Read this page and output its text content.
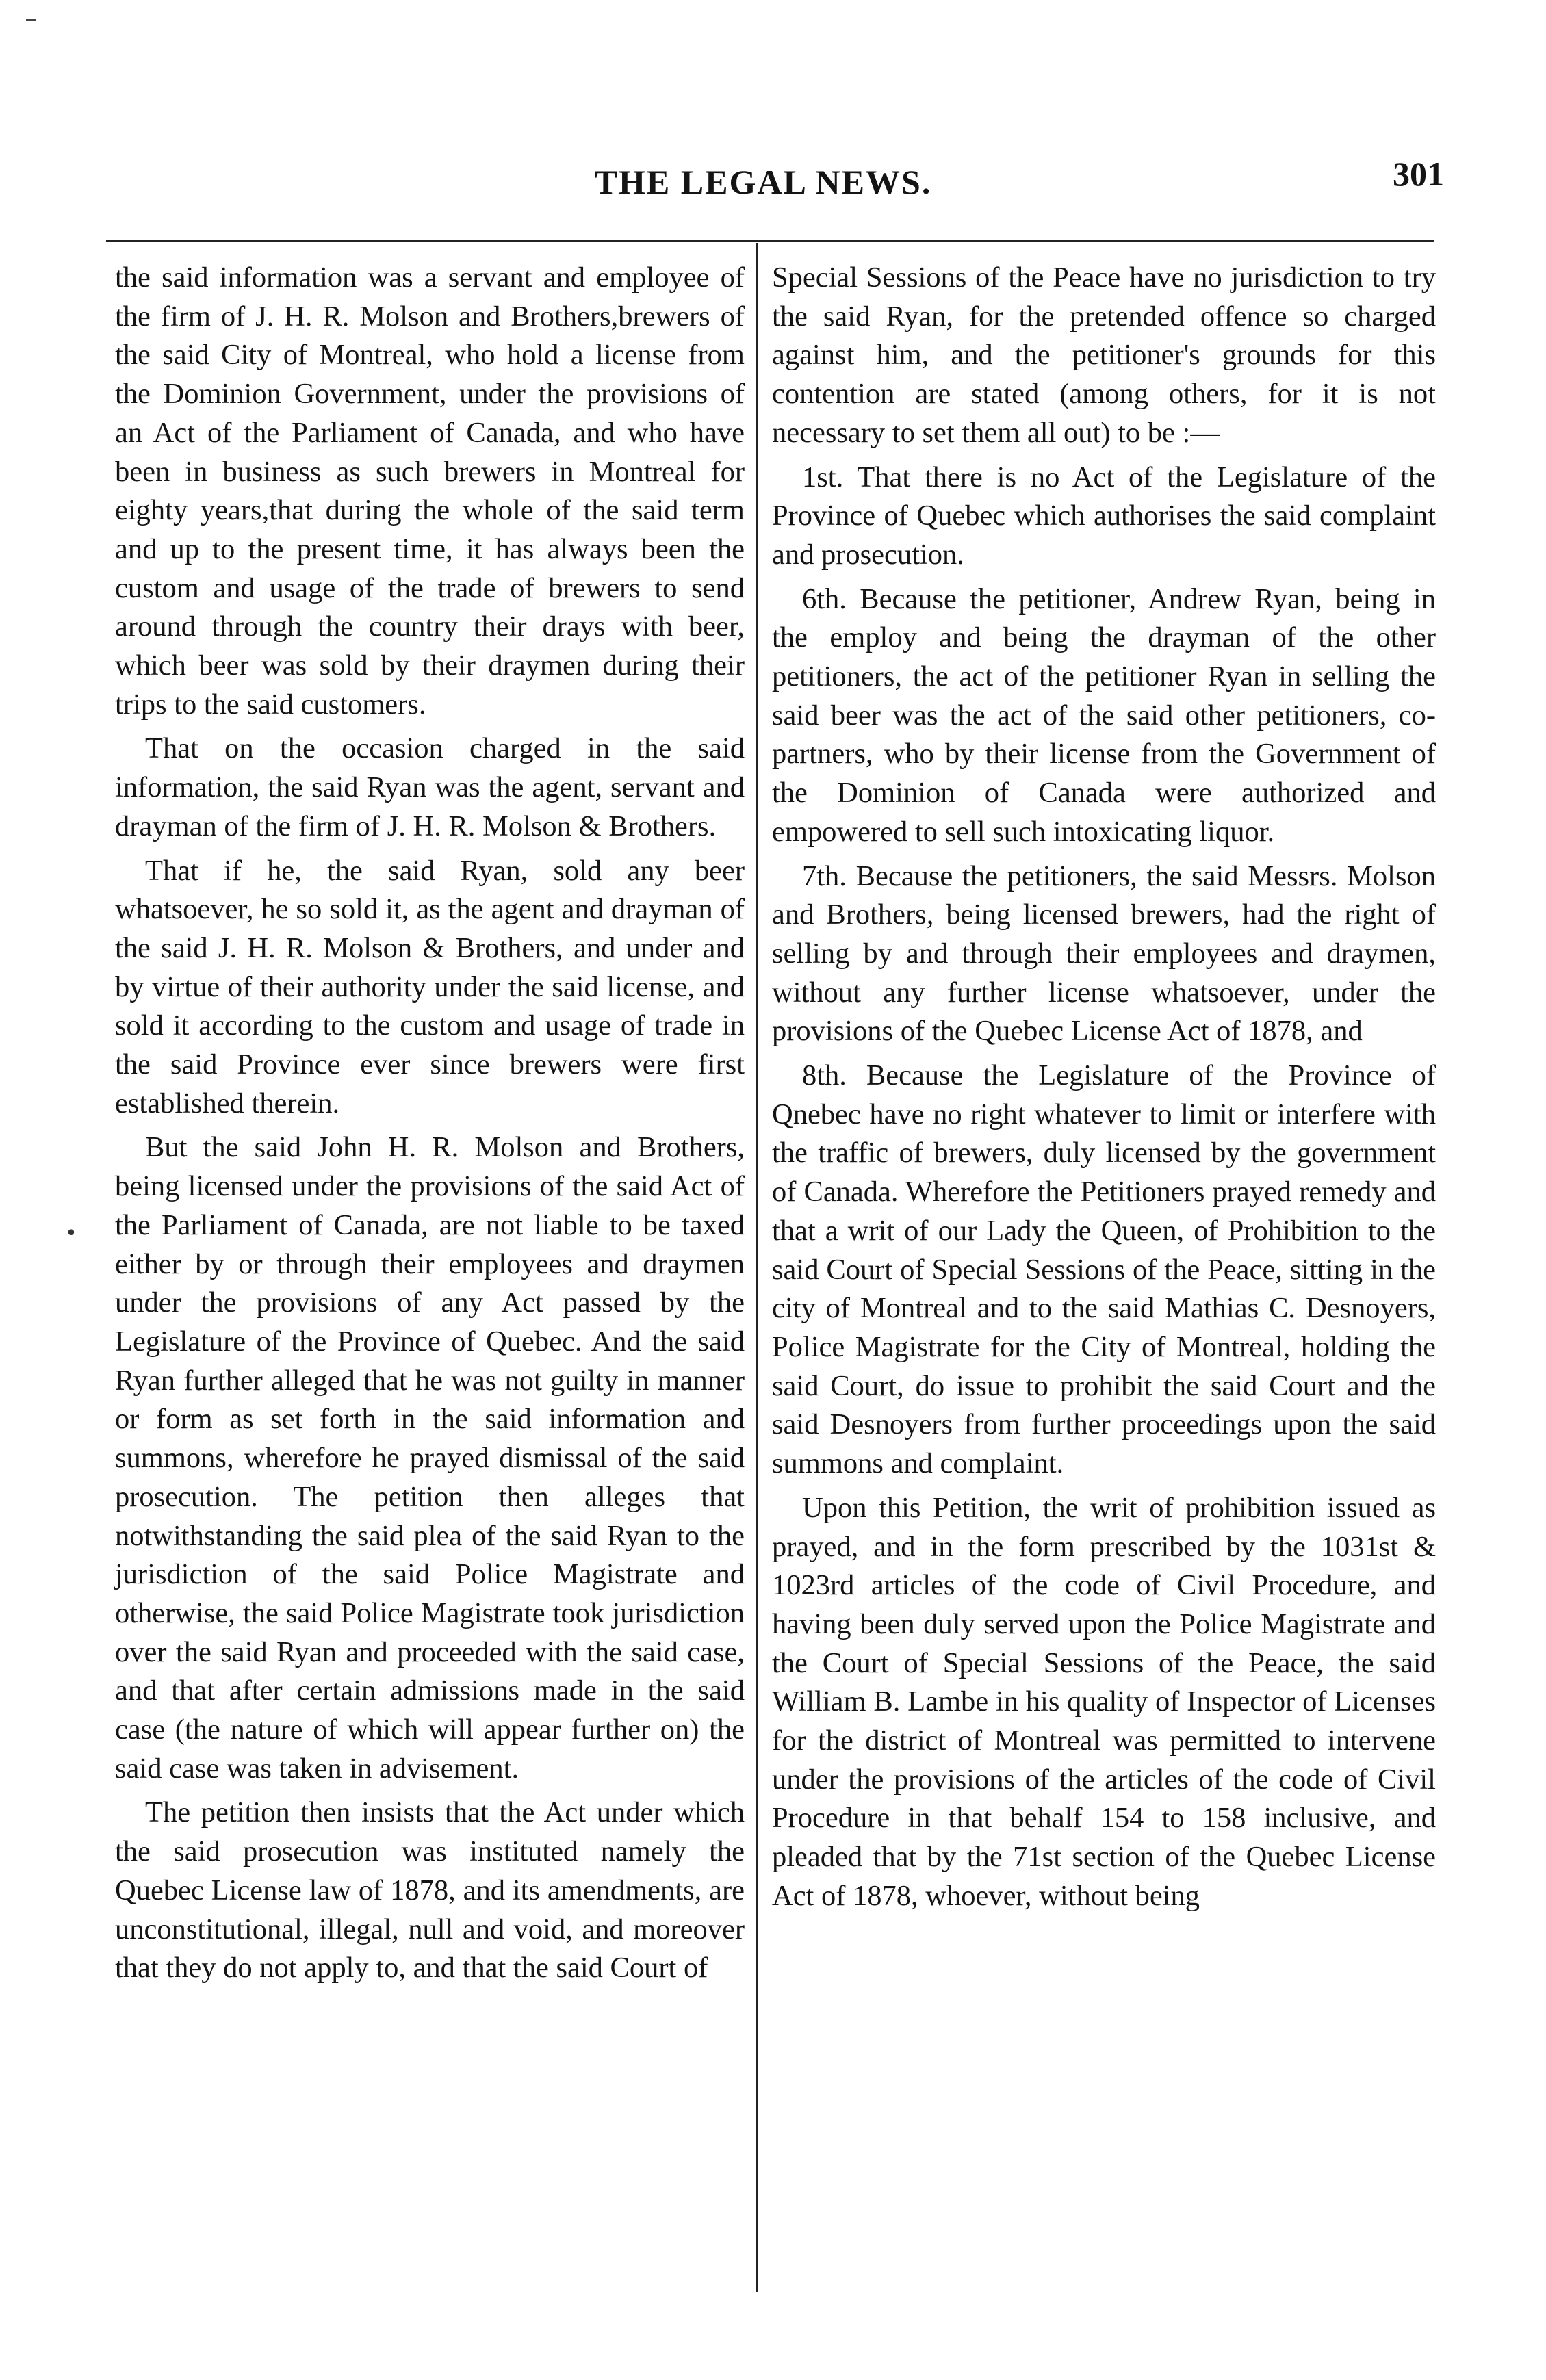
THE LEGAL NEWS.	301

the said information was a servant and employee of the firm of J. H. R. Molson and Brothers,brewers of the said City of Montreal, who hold a license from the Dominion Government, under the provisions of an Act of the Parliament of Canada, and who have been in business as such brewers in Montreal for eighty years,that during the whole of the said term and up to the present time, it has always been the custom and usage of the trade of brewers to send around through the country their drays with beer, which beer was sold by their draymen during their trips to the said customers.

That on the occasion charged in the said information, the said Ryan was the agent, servant and drayman of the firm of J. H. R. Molson & Brothers.

That if he, the said Ryan, sold any beer whatsoever, he so sold it, as the agent and drayman of the said J. H. R. Molson & Brothers, and under and by virtue of their authority under the said license, and sold it according to the custom and usage of trade in the said Province ever since brewers were first established therein.

But the said John H. R. Molson and Brothers, being licensed under the provisions of the said Act of the Parliament of Canada, are not liable to be taxed either by or through their employees and draymen under the provisions of any Act passed by the Legislature of the Province of Quebec. And the said Ryan further alleged that he was not guilty in manner or form as set forth in the said information and summons, wherefore he prayed dismissal of the said prosecution. The petition then alleges that notwithstanding the said plea of the said Ryan to the jurisdiction of the said Police Magistrate and otherwise, the said Police Magistrate took jurisdiction over the said Ryan and proceeded with the said case, and that after certain admissions made in the said case (the nature of which will appear further on) the said case was taken in advisement.

The petition then insists that the Act under which the said prosecution was instituted namely the Quebec License law of 1878, and its amendments, are unconstitutional, illegal, null and void, and moreover that they do not apply to, and that the said Court of

•

Special Sessions of the Peace have no jurisdiction to try the said Ryan, for the pretended offence so charged against him, and the petitioner's grounds for this contention are stated (among others, for it is not necessary to set them all out) to be :—

1st. That there is no Act of the Legislature of the Province of Quebec which authorises the said complaint and prosecution.

6th. Because the petitioner, Andrew Ryan, being in the employ and being the drayman of the other petitioners, the act of the petitioner Ryan in selling the said beer was the act of the said other petitioners, co-partners, who by their license from the Government of the Dominion of Canada were authorized and empowered to sell such intoxicating liquor.

7th. Because the petitioners, the said Messrs. Molson and Brothers, being licensed brewers, had the right of selling by and through their employees and draymen, without any further license whatsoever, under the provisions of the Quebec License Act of 1878, and

8th. Because the Legislature of the Province of Qnebec have no right whatever to limit or interfere with the traffic of brewers, duly licensed by the government of Canada. Wherefore the Petitioners prayed remedy and that a writ of our Lady the Queen, of Prohibition to the said Court of Special Sessions of the Peace, sitting in the city of Montreal and to the said Mathias C. Desnoyers, Police Magistrate for the City of Montreal, holding the said Court, do issue to prohibit the said Court and the said Desnoyers from further proceedings upon the said summons and complaint.

Upon this Petition, the writ of prohibition issued as prayed, and in the form prescribed by the 1031st & 1023rd articles of the code of Civil Procedure, and having been duly served upon the Police Magistrate and the Court of Special Sessions of the Peace, the said William B. Lambe in his quality of Inspector of Licenses for the district of Montreal was permitted to intervene under the provisions of the articles of the code of Civil Procedure in that behalf 154 to 158 inclusive, and pleaded that by the 71st section of the Quebec License Act of 1878, whoever, without being
